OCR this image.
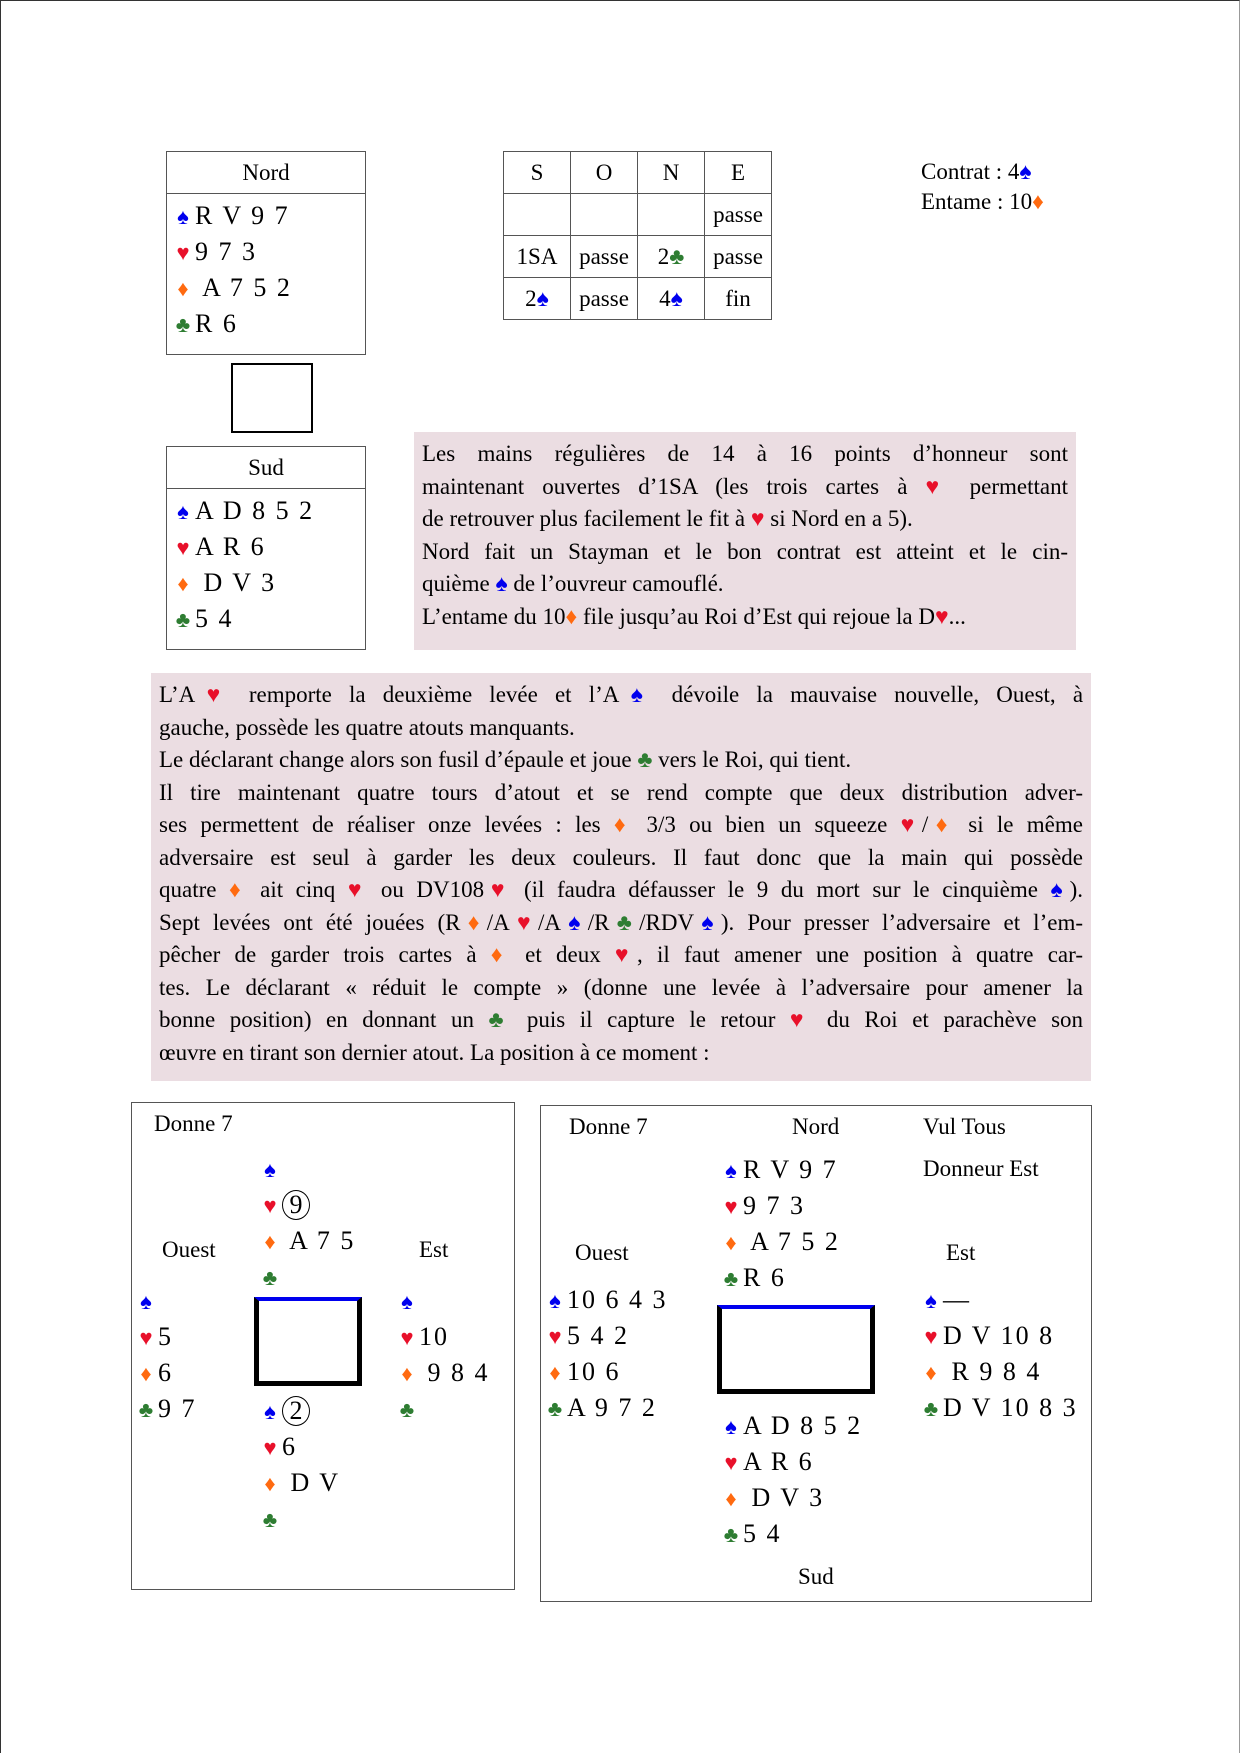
Nord
♠ R V 9 7
♥ 9 7 3
♦ A 7 5 2
♣ R 6
Sud
♠ A D 8 5 2
♥ A R 6
♦ D V 3
♣ 5 4
S	O	N	E
			passe
1SA	passe	2♣	passe
2♠	passe	4♠	fin
Contrat : 4♠
Entame : 10♦

Les mains régulières de 14 à 16 points d’honneur sont

maintenant ouvertes d’1SA (les trois cartes à ♥ permettant

de retrouver plus facilement le fit à ♥ si Nord en a 5).

Nord fait un Stayman et le bon contrat est atteint et le cin-

quième ♠ de l’ouvreur camouflé.

L’entame du 10♦ file jusqu’au Roi d’Est qui rejoue la D♥...

L’A♥ remporte la deuxième levée et l’A♠ dévoile la mauvaise nouvelle, Ouest, à

gauche, possède les quatre atouts manquants.

Le déclarant change alors son fusil d’épaule et joue ♣ vers le Roi, qui tient.

Il tire maintenant quatre tours d’atout et se rend compte que deux distribution adver-

ses permettent de réaliser onze levées : les ♦ 3/3 ou bien un squeeze ♥/♦ si le même

adversaire est seul à garder les deux couleurs. Il faut donc que la main qui possède

quatre ♦ ait cinq ♥ ou DV108♥ (il faudra défausser le 9 du mort sur le cinquième ♠).

Sept levées ont été jouées (R♦/A♥/A♠/R♣/RDV♠). Pour presser l’adversaire et l’em-

pêcher de garder trois cartes à ♦ et deux ♥, il faut amener une position à quatre car-

tes. Le déclarant « réduit le compte » (donne une levée à l’adversaire pour amener la

bonne position) en donnant un ♣ puis il capture le retour ♥ du Roi et parachève son

œuvre en tirant son dernier atout. La position à ce moment :

Donne 7
♠
♥ 9
♦ A 7 5
♣
Ouest	Est
♠
♥ 5
♦ 6
♣ 9 7
♠
♥ 10
♦ 9 8 4
♣
♠ 2
♥ 6
♦ D V
♣
Donne 7	Nord	Vul Tous
Donneur Est
♠ R V 9 7
♥ 9 7 3
♦ A 7 5 2
♣ R 6
Ouest	Est
♠ 10 6 4 3
♥ 5 4 2
♦ 10 6
♣ A 9 7 2
♠ —
♥ D V 10 8
♦ R 9 8 4
♣ D V 10 8 3
♠ A D 8 5 2
♥ A R 6
♦ D V 3
♣ 5 4
Sud
